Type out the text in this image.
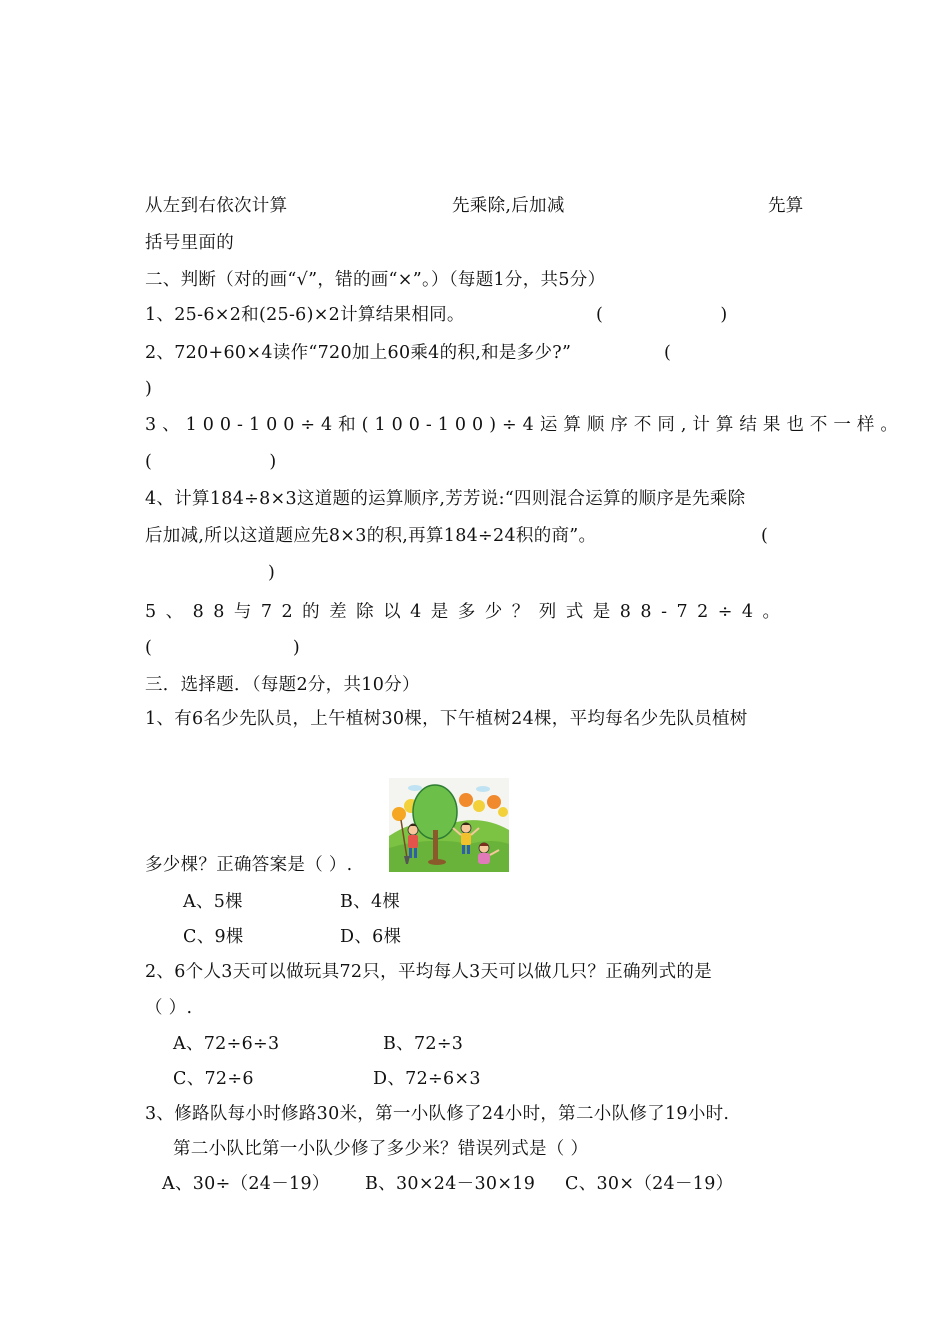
从左到右依次计算	先乘除,后加减	先算
括号里面的
二、判断（对的画“√”，错的画“×”。）（每题1分，共5分）
1、25-6×2和(25-6)×2计算结果相同。	(                    )
2、720+60×4读作“720加上60乘4的积,和是多少?”	(
)
3、100-100÷4和(100-100)÷4运算顺序不同,计算结果也不一样。
(                    )
4、计算184÷8×3这道题的运算顺序,芳芳说:“四则混合运算的顺序是先乘除
后加减,所以这道题应先8×3的积,再算184÷24积的商”。	(
)
5、88与72的差除以4是多少？列式是88-72÷4。
(                        )
三．选择题．（每题2分，共10分）
1、有6名少先队员，上午植树30棵，下午植树24棵，平均每名少先队员植树
多少棵？正确答案是（ ）.
A、5棵	B、4棵
C、9棵	D、6棵
2、6个人3天可以做玩具72只，平均每人3天可以做几只？正确列式的是
（ ）.
A、72÷6÷3	B、72÷3
C、72÷6	D、72÷6×3
3、修路队每小时修路30米，第一小队修了24小时，第二小队修了19小时.
第二小队比第一小队少修了多少米？错误列式是（ ）
A、30÷（24－19） B、30×24－30×19 C、30×（24－19）
